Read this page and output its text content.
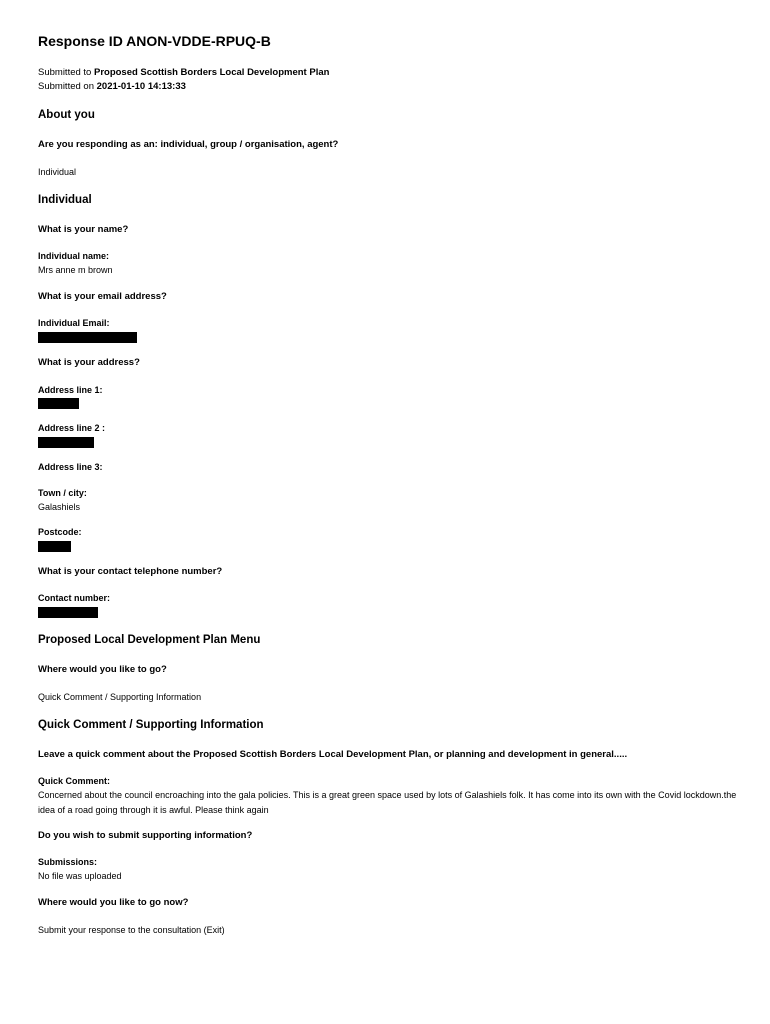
Response ID ANON-VDDE-RPUQ-B
Submitted to Proposed Scottish Borders Local Development Plan
Submitted on 2021-01-10 14:13:33
About you
Are you responding as an: individual, group / organisation, agent?
Individual
Individual
What is your name?
Individual name:
Mrs anne m brown
What is your email address?
Individual Email:
What is your address?
Address line 1:
Address line 2 :
Address line 3:
Town / city:
Galashiels
Postcode:
What is your contact telephone number?
Contact number:
Proposed Local Development Plan Menu
Where would you like to go?
Quick Comment / Supporting Information
Quick Comment / Supporting Information
Leave a quick comment about the Proposed Scottish Borders Local Development Plan, or planning and development in general.....
Quick Comment:
Concerned about the council encroaching into the gala policies. This is a great green space used by lots of Galashiels folk. It has come into its own with the Covid lockdown.the idea of a road going through it is awful. Please think again
Do you wish to submit supporting information?
Submissions:
No file was uploaded
Where would you like to go now?
Submit your response to the consultation (Exit)
